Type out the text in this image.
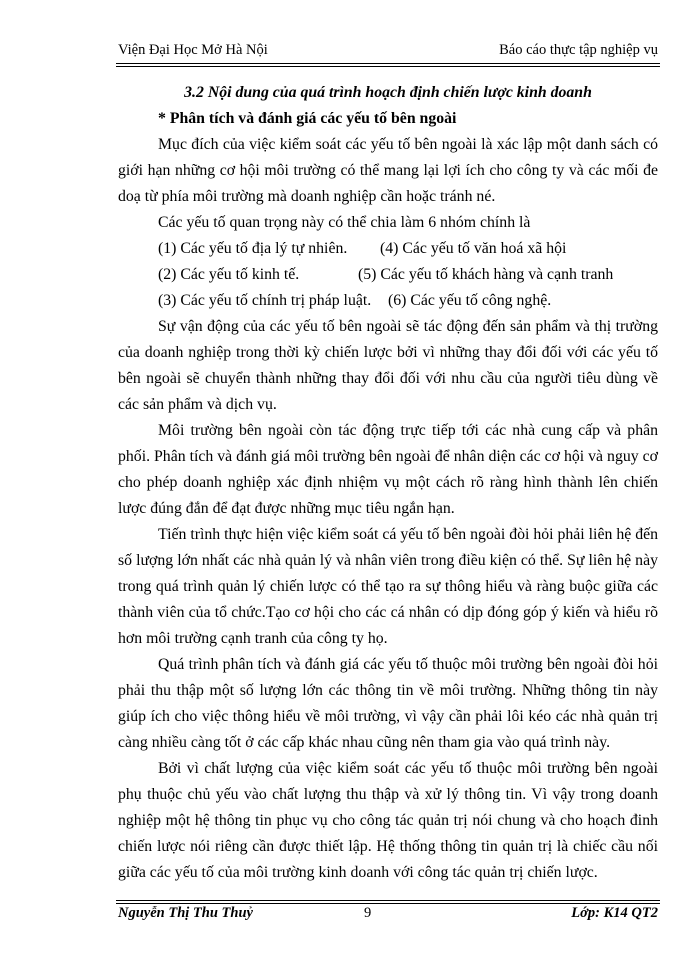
Viện Đại Học Mở Hà Nội	Báo cáo thực tập nghiệp vụ
3.2 Nội dung của quá trình hoạch định chiến lược kinh doanh
* Phân tích và đánh giá các yếu tố bên ngoài

Mục đích của việc kiểm soát các yếu tố bên ngoài là xác lập một danh sách có giới hạn những cơ hội môi trường có thể mang lại lợi ích cho công ty và các mối đe doạ từ phía môi trường mà doanh nghiệp cần hoặc tránh né.

Các yếu tố quan trọng này có thể chia làm 6 nhóm chính là

(1) Các yếu tố địa lý tự nhiên.	(4) Các yếu tố văn hoá xã hội
(2) Các yếu tố kinh tế.	(5) Các yếu tố khách hàng và cạnh tranh
(3) Các yếu tố chính trị pháp luật.	(6) Các yếu tố công nghệ.

Sự vận động của các yếu tố bên ngoài sẽ tác động đến sản phẩm và thị trường của doanh nghiệp trong thời kỳ chiến lược bởi vì những thay đổi đối với các yếu tố bên ngoài sẽ chuyển thành những thay đổi đối với nhu cầu của người tiêu dùng về các sản phẩm và dịch vụ.

Môi trường bên ngoài còn tác động trực tiếp tới các nhà cung cấp và phân phối. Phân tích và đánh giá môi trường bên ngoài để nhân diện các cơ hội và nguy cơ cho phép doanh nghiệp xác định nhiệm vụ một cách rõ ràng hình thành lên chiến lược đúng đắn để đạt được những mục tiêu ngắn hạn.

Tiến trình thực hiện việc kiểm soát cá yếu tố bên ngoài đòi hỏi phải liên hệ đến số lượng lớn nhất các nhà quản lý và nhân viên trong điều kiện có thể. Sự liên hệ này trong quá trình quản lý chiến lược có thể tạo ra sự thông hiểu và ràng buộc giữa các thành viên của tổ chức.Tạo cơ hội cho các cá nhân có dịp đóng góp ý kiến và hiểu rõ hơn môi trường cạnh tranh của công ty họ.

Quá trình phân tích và đánh giá các yếu tố thuộc môi trường bên ngoài đòi hỏi phải thu thập một số lượng lớn các thông tin về môi trường. Những thông tin này giúp ích cho việc thông hiểu về môi trường, vì vậy cần phải lôi kéo các nhà quản trị càng nhiều càng tốt ở các cấp khác nhau cũng nên tham gia vào quá trình này.

Bởi vì chất lượng của việc kiểm soát các yếu tố thuộc môi trường bên ngoài phụ thuộc chủ yếu vào chất lượng thu thập và xử lý thông tin. Vì vậy trong doanh nghiệp một hệ thông tin phục vụ cho công tác quản trị nói chung và cho hoạch đinh chiến lược nói riêng cần được thiết lập. Hệ thống thông tin quản trị là chiếc cầu nối giữa các yếu tố của môi trường kinh doanh với công tác quản trị chiến lược.

Nguyễn Thị Thu Thuỷ	9	Lớp: K14 QT2
